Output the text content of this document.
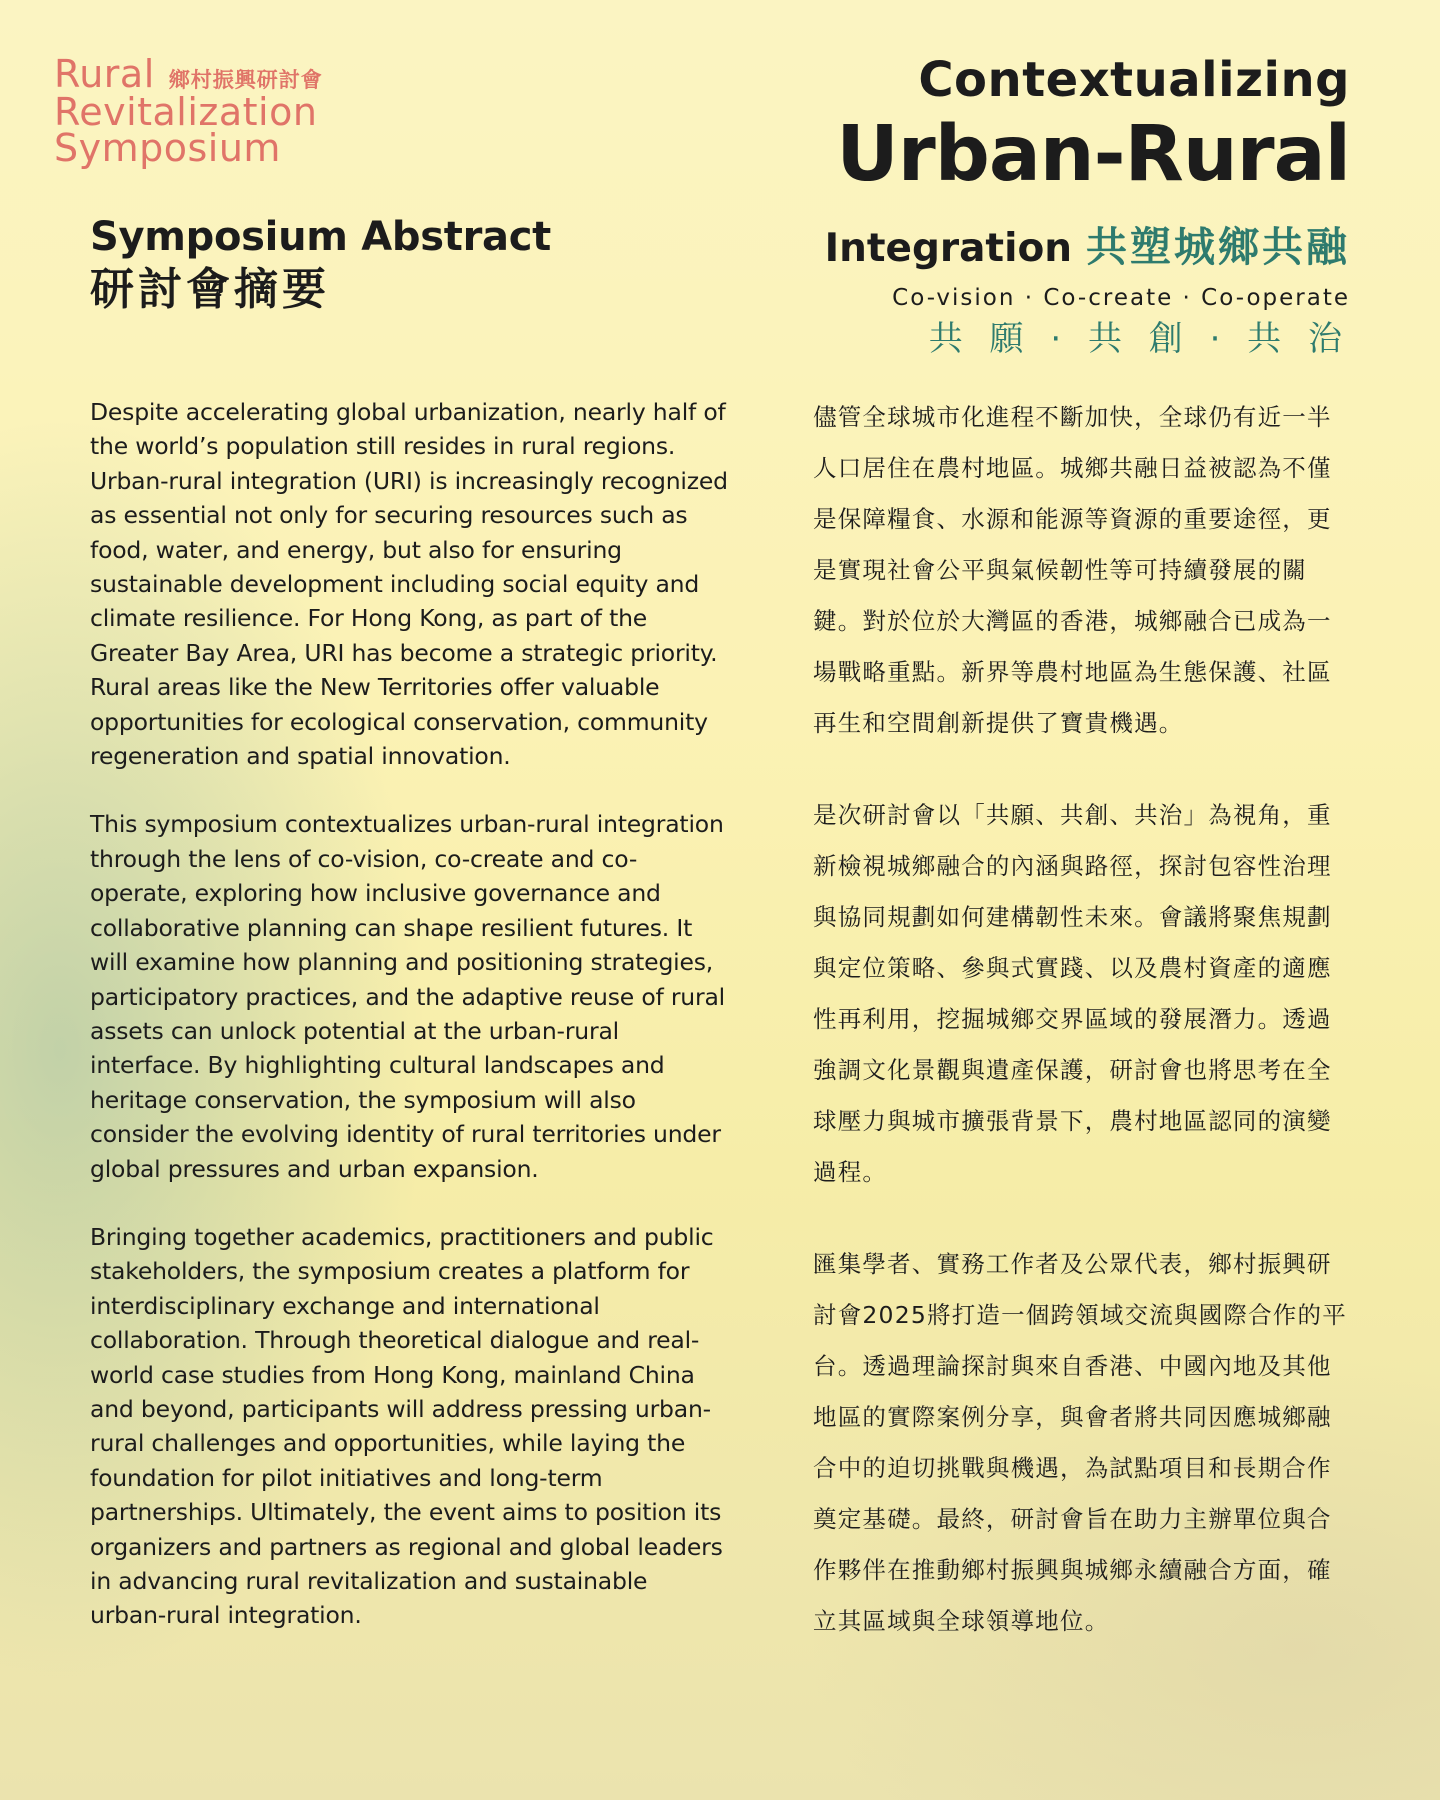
Rural 鄉村振興研討會
Revitalization
Symposium
Symposium Abstract
研討會摘要
Contextualizing
Urban-Rural
Integration 共塑城鄉共融
Co-vision · Co-create · Co-operate
共 願 · 共 創 · 共 治

Despite accelerating global urbanization, nearly half of the world’s population still resides in rural regions. Urban-rural integration (URI) is increasingly recognized as essential not only for securing resources such as food, water, and energy, but also for ensuring sustainable development including social equity and climate resilience. For Hong Kong, as part of the Greater Bay Area, URI has become a strategic priority. Rural areas like the New Territories offer valuable opportunities for ecological conservation, community regeneration and spatial innovation.

This symposium contextualizes urban-rural integration through the lens of co-vision, co-create and co-operate, exploring how inclusive governance and collaborative planning can shape resilient futures. It will examine how planning and positioning strategies, participatory practices, and the adaptive reuse of rural assets can unlock potential at the urban-rural interface. By highlighting cultural landscapes and heritage conservation, the symposium will also consider the evolving identity of rural territories under global pressures and urban expansion.

Bringing together academics, practitioners and public stakeholders, the symposium creates a platform for interdisciplinary exchange and international collaboration. Through theoretical dialogue and real-world case studies from Hong Kong, mainland China and beyond, participants will address pressing urban-rural challenges and opportunities, while laying the foundation for pilot initiatives and long-term partnerships. Ultimately, the event aims to position its organizers and partners as regional and global leaders in advancing rural revitalization and sustainable urban-rural integration.

儘管全球城市化進程不斷加快，全球仍有近一半人口居住在農村地區。城鄉共融日益被認為不僅是保障糧食、水源和能源等資源的重要途徑，更是實現社會公平與氣候韌性等可持續發展的關鍵。對於位於大灣區的香港，城鄉融合已成為一場戰略重點。新界等農村地區為生態保護、社區再生和空間創新提供了寶貴機遇。

是次研討會以「共願、共創、共治」為視角，重新檢視城鄉融合的內涵與路徑，探討包容性治理與協同規劃如何建構韌性未來。會議將聚焦規劃與定位策略、參與式實踐、以及農村資產的適應性再利用，挖掘城鄉交界區域的發展潛力。透過強調文化景觀與遺產保護，研討會也將思考在全球壓力與城市擴張背景下，農村地區認同的演變過程。

匯集學者、實務工作者及公眾代表，鄉村振興研討會2025將打造一個跨領域交流與國際合作的平台。透過理論探討與來自香港、中國內地及其他地區的實際案例分享，與會者將共同因應城鄉融合中的迫切挑戰與機遇，為試點項目和長期合作奠定基礎。最終，研討會旨在助力主辦單位與合作夥伴在推動鄉村振興與城鄉永續融合方面，確立其區域與全球領導地位。
